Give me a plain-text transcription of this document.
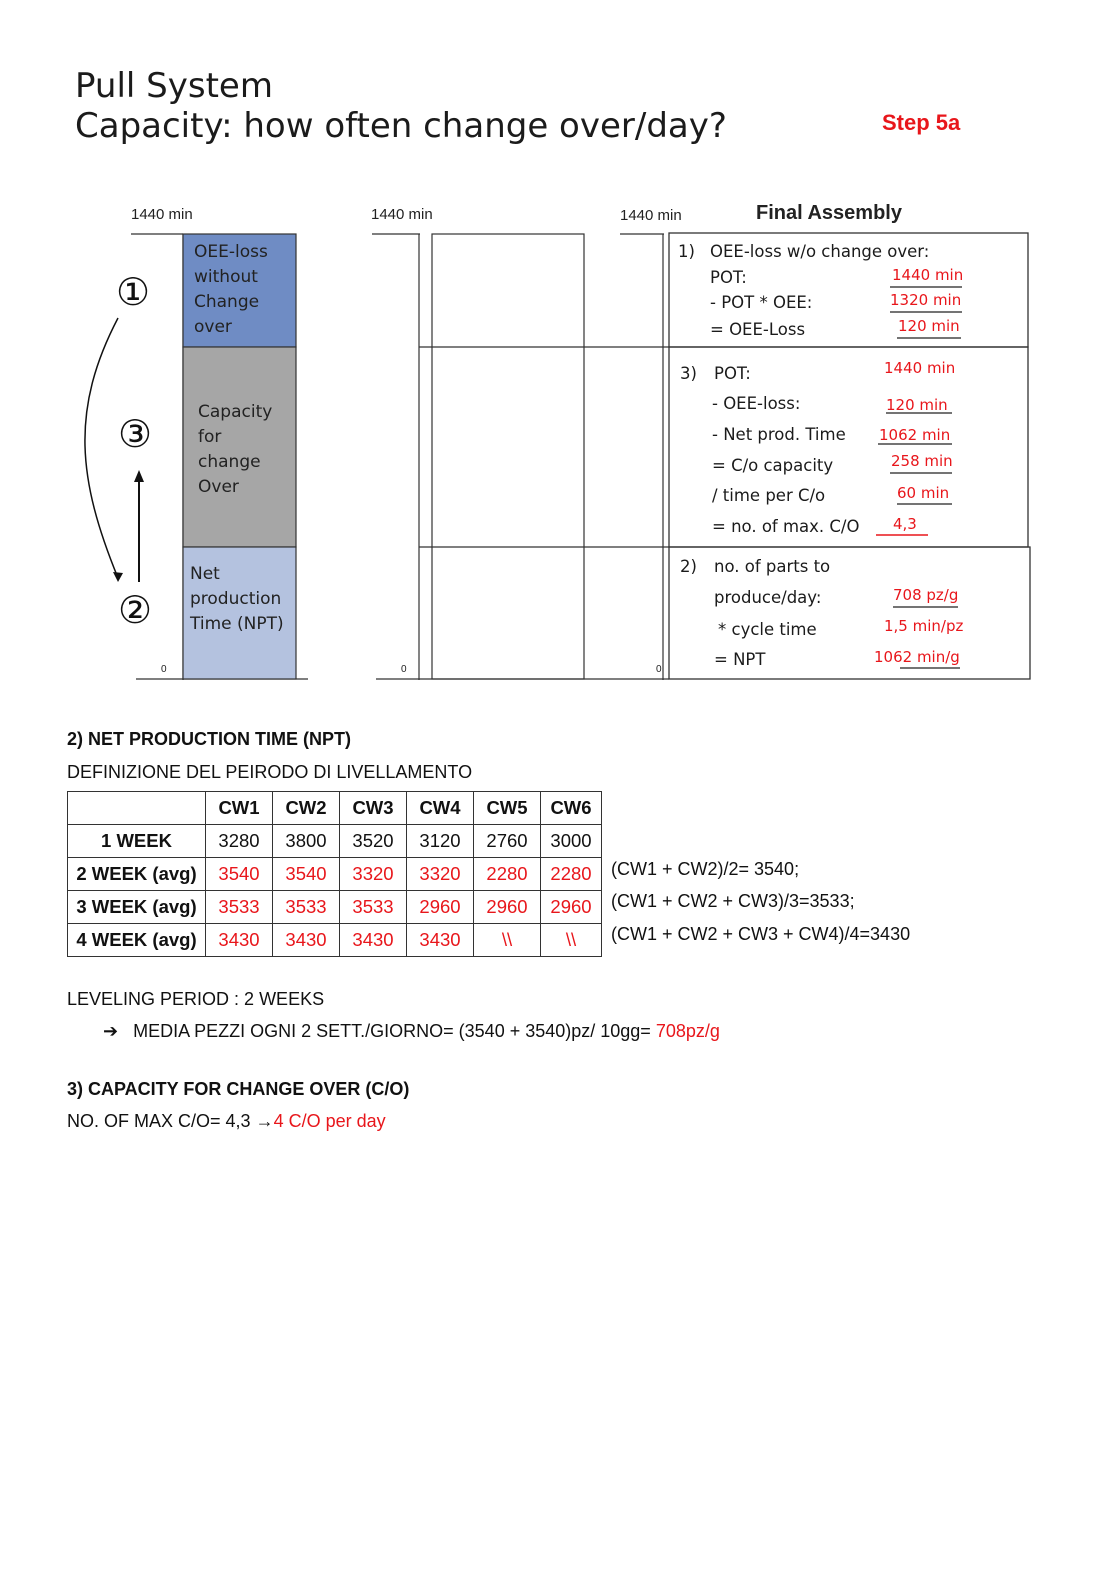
Pull System
Capacity: how often change over/day?	Step 5a
1440 min	1440 min	1440 min	Final Assembly
0	0	0
OEE-loss without Change over
Capacity for change Over
Net production Time (NPT)
①
③
②
1) OEE-loss w/o change over:
POT:	1440 min
- POT * OEE:	1320 min
= OEE-Loss	120 min
3) POT:	1440 min
- OEE-loss:	120 min
- Net prod. Time 1062 min
= C/o capacity	258 min
/ time per C/o	60 min
= no. of max. C/O 4,3
2) no. of parts to
produce/day:	708 pz/g
* cycle time	1,5 min/pz
= NPT	1062 min/g
2) NET PRODUCTION TIME (NPT)
DEFINIZIONE DEL PEIRODO DI LIVELLAMENTO
	CW1	CW2	CW3	CW4	CW5	CW6
1 WEEK	3280	3800	3520	3120	2760	3000
2 WEEK (avg)	3540	3540	3320	3320	2280	2280
3 WEEK (avg)	3533	3533	3533	2960	2960	2960
4 WEEK (avg)	3430	3430	3430	3430	\\	\\
(CW1 + CW2)/2= 3540;
(CW1 + CW2 + CW3)/3=3533;
(CW1 + CW2 + CW3 + CW4)/4=3430
LEVELING PERIOD : 2 WEEKS
➔ MEDIA PEZZI OGNI 2 SETT./GIORNO= (3540 + 3540)pz/ 10gg= 708pz/g
3) CAPACITY FOR CHANGE OVER (C/O)
NO. OF MAX C/O= 4,3 →4 C/O per day
